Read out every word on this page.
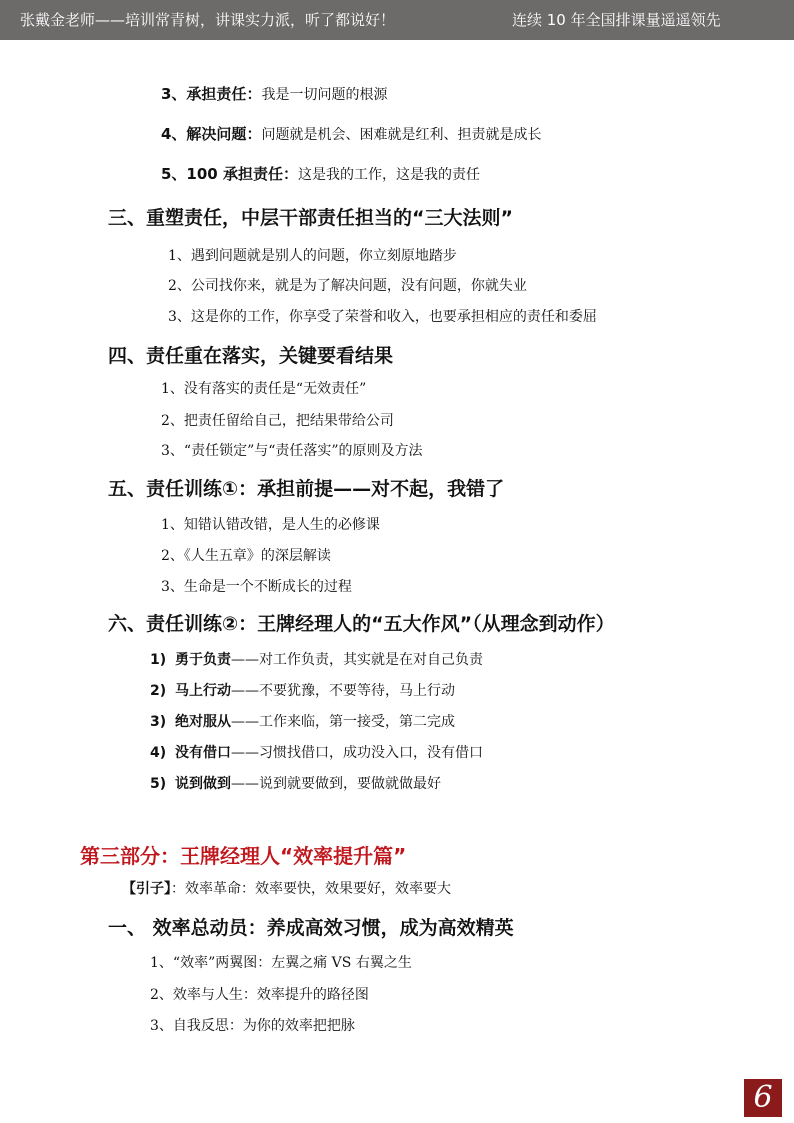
张戴金老师——培训常青树，讲课实力派，听了都说好！	连续 10 年全国排课量遥遥领先
3、承担责任：我是一切问题的根源
4、解决问题：问题就是机会、困难就是红利、担责就是成长
5、100 承担责任：这是我的工作，这是我的责任
三、重塑责任，中层干部责任担当的“三大法则”
1、遇到问题就是别人的问题，你立刻原地踏步
2、公司找你来，就是为了解决问题，没有问题，你就失业
3、这是你的工作，你享受了荣誉和收入，也要承担相应的责任和委屈
四、责任重在落实，关键要看结果
1、没有落实的责任是“无效责任”
2、把责任留给自己，把结果带给公司
3、“责任锁定”与“责任落实”的原则及方法
五、责任训练①：承担前提——对不起，我错了
1、知错认错改错，是人生的必修课
2、《人生五章》的深层解读
3、生命是一个不断成长的过程
六、责任训练②：王牌经理人的“五大作风”（从理念到动作）
1) 勇于负责——对工作负责，其实就是在对自己负责
2) 马上行动——不要犹豫，不要等待，马上行动
3) 绝对服从——工作来临，第一接受，第二完成
4) 没有借口——习惯找借口，成功没入口，没有借口
5) 说到做到——说到就要做到，要做就做最好
第三部分：王牌经理人“效率提升篇”
【引子】：效率革命：效率要快，效果要好，效率要大
一、 效率总动员：养成高效习惯，成为高效精英
1、“效率”两翼图：左翼之痛 VS 右翼之生
2、效率与人生：效率提升的路径图
3、自我反思：为你的效率把把脉
6
